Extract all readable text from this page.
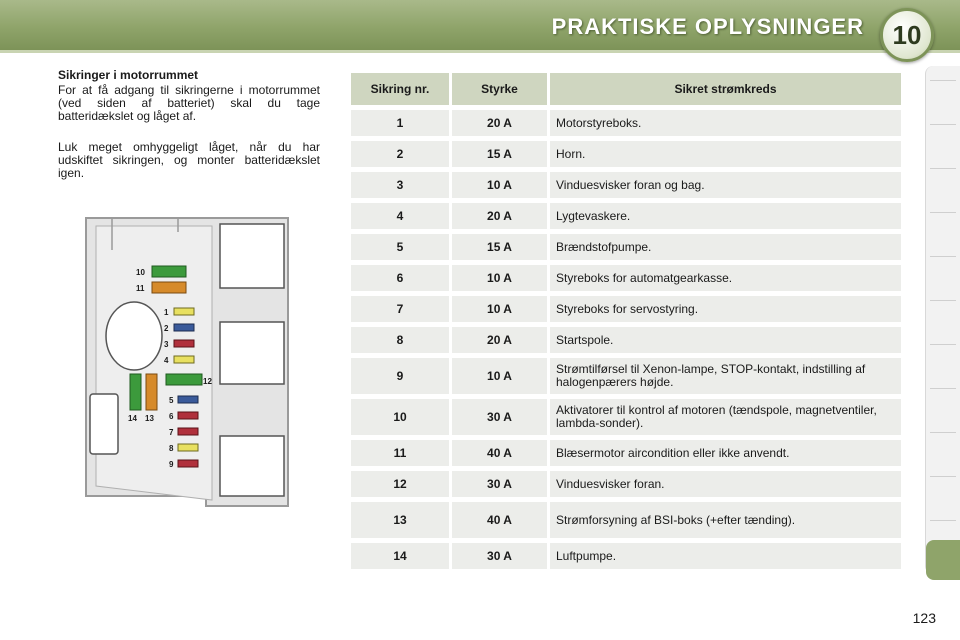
PRAKTISKE OPLYSNINGER	10
Sikringer i motorrummet

For at få adgang til sikringerne i motorrummet (ved siden af batteriet) skal du tage batteridækslet og låget af.

Luk meget omhyggeligt låget, når du har udskiftet sikringen, og monter batteridækslet igen.

10
11
1
2
3
4
12
5
6
7
8
9
14 13
Sikring nr.	Styrke	Sikret strømkreds
1	20 A	Motorstyreboks.
2	15 A	Horn.
3	10 A	Vinduesvisker foran og bag.
4	20 A	Lygtevaskere.
5	15 A	Brændstofpumpe.
6	10 A	Styreboks for automatgearkasse.
7	10 A	Styreboks for servostyring.
8	20 A	Startspole.
9	10 A	Strømtilførsel til Xenon-lampe, STOP-kontakt, indstilling af halogenpærers højde.
10	30 A	Aktivatorer til kontrol af motoren (tændspole, magnetventiler, lambda-sonder).
11	40 A	Blæsermotor aircondition eller ikke anvendt.
12	30 A	Vinduesvisker foran.
13	40 A	Strømforsyning af BSI-boks (+efter tænding).
14	30 A	Luftpumpe.
123
